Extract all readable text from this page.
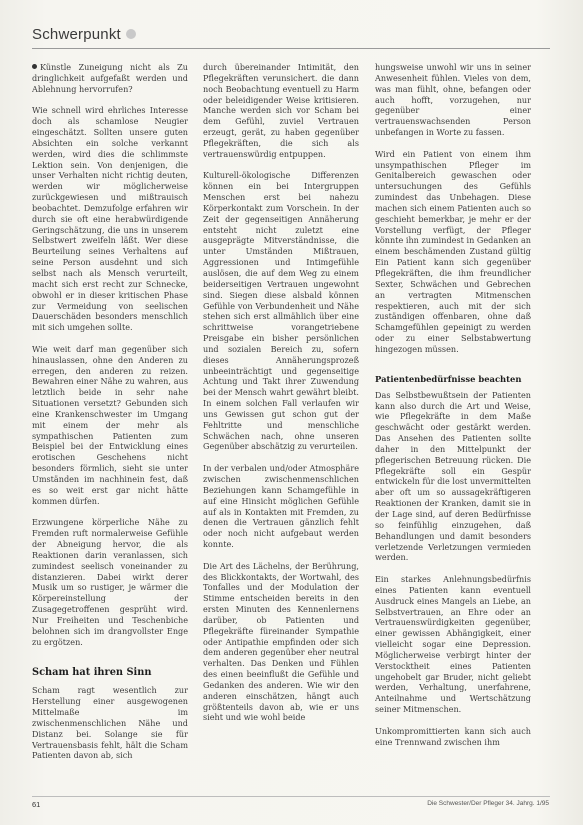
Schwerpunkt

Künstle Zuneigung nicht als Zu dringlichkeit aufgefaßt werden und Ablehnung hervorrufen?

Wie schnell wird ehrliches Interesse doch als schamlose Neugier eingeschätzt. Sollten unsere guten Absichten ein solche verkannt werden, wird dies die schlimmste Lektion sein. Von denjenigen, die unser Verhalten nicht richtig deuten, werden wir möglicherweise zurückgewiesen und mißtrauisch beobachtet. Demzufolge erfahren wir durch sie oft eine herabwürdigende Geringschätzung, die uns in unserem Selbstwert zweifeln läßt. Wer diese Beurteilung seines Verhaltens auf seine Person ausdehnt und sich selbst nach als Mensch verurteilt, macht sich erst recht zur Schnecke, obwohl er in dieser kritischen Phase zur Vermeidung von seelischen Dauerschäden besonders menschlich mit sich umgehen sollte.

Wie weit darf man gegenüber sich hinauslassen, ohne den Anderen zu erregen, den anderen zu reizen. Bewahren einer Nähe zu wahren, aus letztlich beide in sehr nahe Situationen versetzt? Gebunden sich eine Krankenschwester im Umgang mit einem der mehr als sympathischen Patienten zum Beispiel bei der Entwicklung eines erotischen Geschehens nicht besonders förmlich, sieht sie unter Umständen im nachhinein fest, daß es so weit erst gar nicht hätte kommen dürfen.

Erzwungene körperliche Nähe zu Fremden ruft normalerweise Gefühle der Abneigung hervor, die als Reaktionen darin veranlassen, sich zumindest seelisch voneinander zu distanzieren. Dabei wirkt derer Musik um so rustiger, je wärmer die Körpereinstellung der Zusagegetroffenen gesprüht wird. Nur Freiheiten und Teschenbiche belohnen sich im drangvollster Enge zu ergötzen.

Scham hat ihren Sinn

Scham ragt wesentlich zur Herstellung einer ausgewogenen Mittelmaße im zwischenmenschlichen Nähe und Distanz bei. Solange sie für Vertrauensbasis fehlt, hält die Scham Patienten davon ab, sich

durch übereinander Intimität, den Pflegekräften verunsichert. die dann noch Beobachtung eventuell zu Harm oder beleidigender Weise kritisieren. Manche werden sich vor Scham bei dem Gefühl, zuviel Vertrauen erzeugt, gerät, zu haben gegenüber Pflegekräften, die sich als vertrauenswürdig entpuppen.

Kulturell-ökologische Differenzen können ein bei Intergruppen Menschen erst bei nahezu Körperkontakt zum Vorschein. In der Zeit der gegenseitigen Annäherung entsteht nicht zuletzt eine ausgeprägte Mitverständnisse, die unter Umständen Mißtrauen, Aggressionen und Intimgefühle auslösen, die auf dem Weg zu einem beiderseitigen Vertrauen ungewohnt sind. Siegen diese alsbald können Gefühle von Verbundenheit und Nähe stehen sich erst allmählich über eine schrittweise vorangetriebene Preisgabe ein bisher persönlichen und sozialen Bereich zu, sofern dieses Annäherungsprozeß unbeeinträchtigt und gegenseitige Achtung und Takt ihrer Zuwendung bei der Mensch wahrt gewährt bleibt. In einem solchen Fall verlaufen wir uns Gewissen gut schon gut der Fehltritte und menschliche Schwächen nach, ohne unseren Gegenüber abschätzig zu verurteilen.

In der verbalen und/oder Atmosphäre zwischen zwischenmenschlichen Beziehungen kann Schamgefühle in auf eine Hinsicht möglichen Gefühle auf als in Kontakten mit Fremden, zu denen die Vertrauen gänzlich fehlt oder noch nicht aufgebaut werden konnte.

Die Art des Lächelns, der Berührung, des Blickkontakts, der Wortwahl, des Tonfalles und der Modulation der Stimme entscheiden bereits in den ersten Minuten des Kennenlernens darüber, ob Patienten und Pflegekräfte füreinander Sympathie oder Antipathie empfinden oder sich dem anderen gegenüber eher neutral verhalten. Das Denken und Fühlen des einen beeinflußt die Gefühle und Gedanken des anderen. Wie wir den anderen einschätzen, hängt auch größtenteils davon ab, wie er uns sieht und wie wohl beide

hungsweise unwohl wir uns in seiner Anwesenheit fühlen. Vieles von dem, was man fühlt, ohne, befangen oder auch hofft, vorzugehen, nur gegenüber einer vertrauenswachsenden Person unbefangen in Worte zu fassen.

Wird ein Patient von einem ihm unsympathischen Pfleger im Genitalbereich gewaschen oder untersuchungen des Gefühls zumindest das Unbehagen. Diese machen sich einem Patienten auch so geschieht bemerkbar, je mehr er der Vorstellung verfügt, der Pfleger könnte ihn zumindest in Gedanken an einem beschämenden Zustand gültig Ein Patient kann sich gegenüber Pflegekräften, die ihm freundlicher Sexter, Schwächen und Gebrechen an vertragten Mitmenschen respektieren, auch mit der sich zuständigen offenbaren, ohne daß Schamgefühlen gepeinigt zu werden oder zu einer Selbstabwertung hingezogen müssen.

Patientenbedürfnisse beachten

Das Selbstbewußtsein der Patienten kann also durch die Art und Weise, wie Pflegekräfte in dem Maße geschwächt oder gestärkt werden. Das Ansehen des Patienten sollte daher in den Mittelpunkt der pflegerischen Betreuung rücken. Die Pflegekräfte soll ein Gespür entwickeln für die lost unvermittelten aber oft um so aussagekräftigeren Reaktionen der Kranken, damit sie in der Lage sind, auf deren Bedürfnisse so feinfühlig einzugehen, daß Behandlungen und damit besonders verletzende Verletzungen vermieden werden.

Ein starkes Anlehnungsbedürfnis eines Patienten kann eventuell Ausdruck eines Mangels an Liebe, an Selbstvertrauen, an Ehre oder an Vertrauenswürdigkeiten gegenüber, einer gewissen Abhängigkeit, einer vielleicht sogar eine Depression. Möglicherweise verbirgt hinter der Verstocktheit eines Patienten ungehobelt gar Bruder, nicht geliebt werden, Verhaltung, unerfahrene, Anteilnahme und Wertschätzung seiner Mitmenschen.

Unkompromittierten kann sich auch eine Trennwand zwischen ihm

61	Die Schwester/Der Pfleger 34. Jahrg. 1/95
